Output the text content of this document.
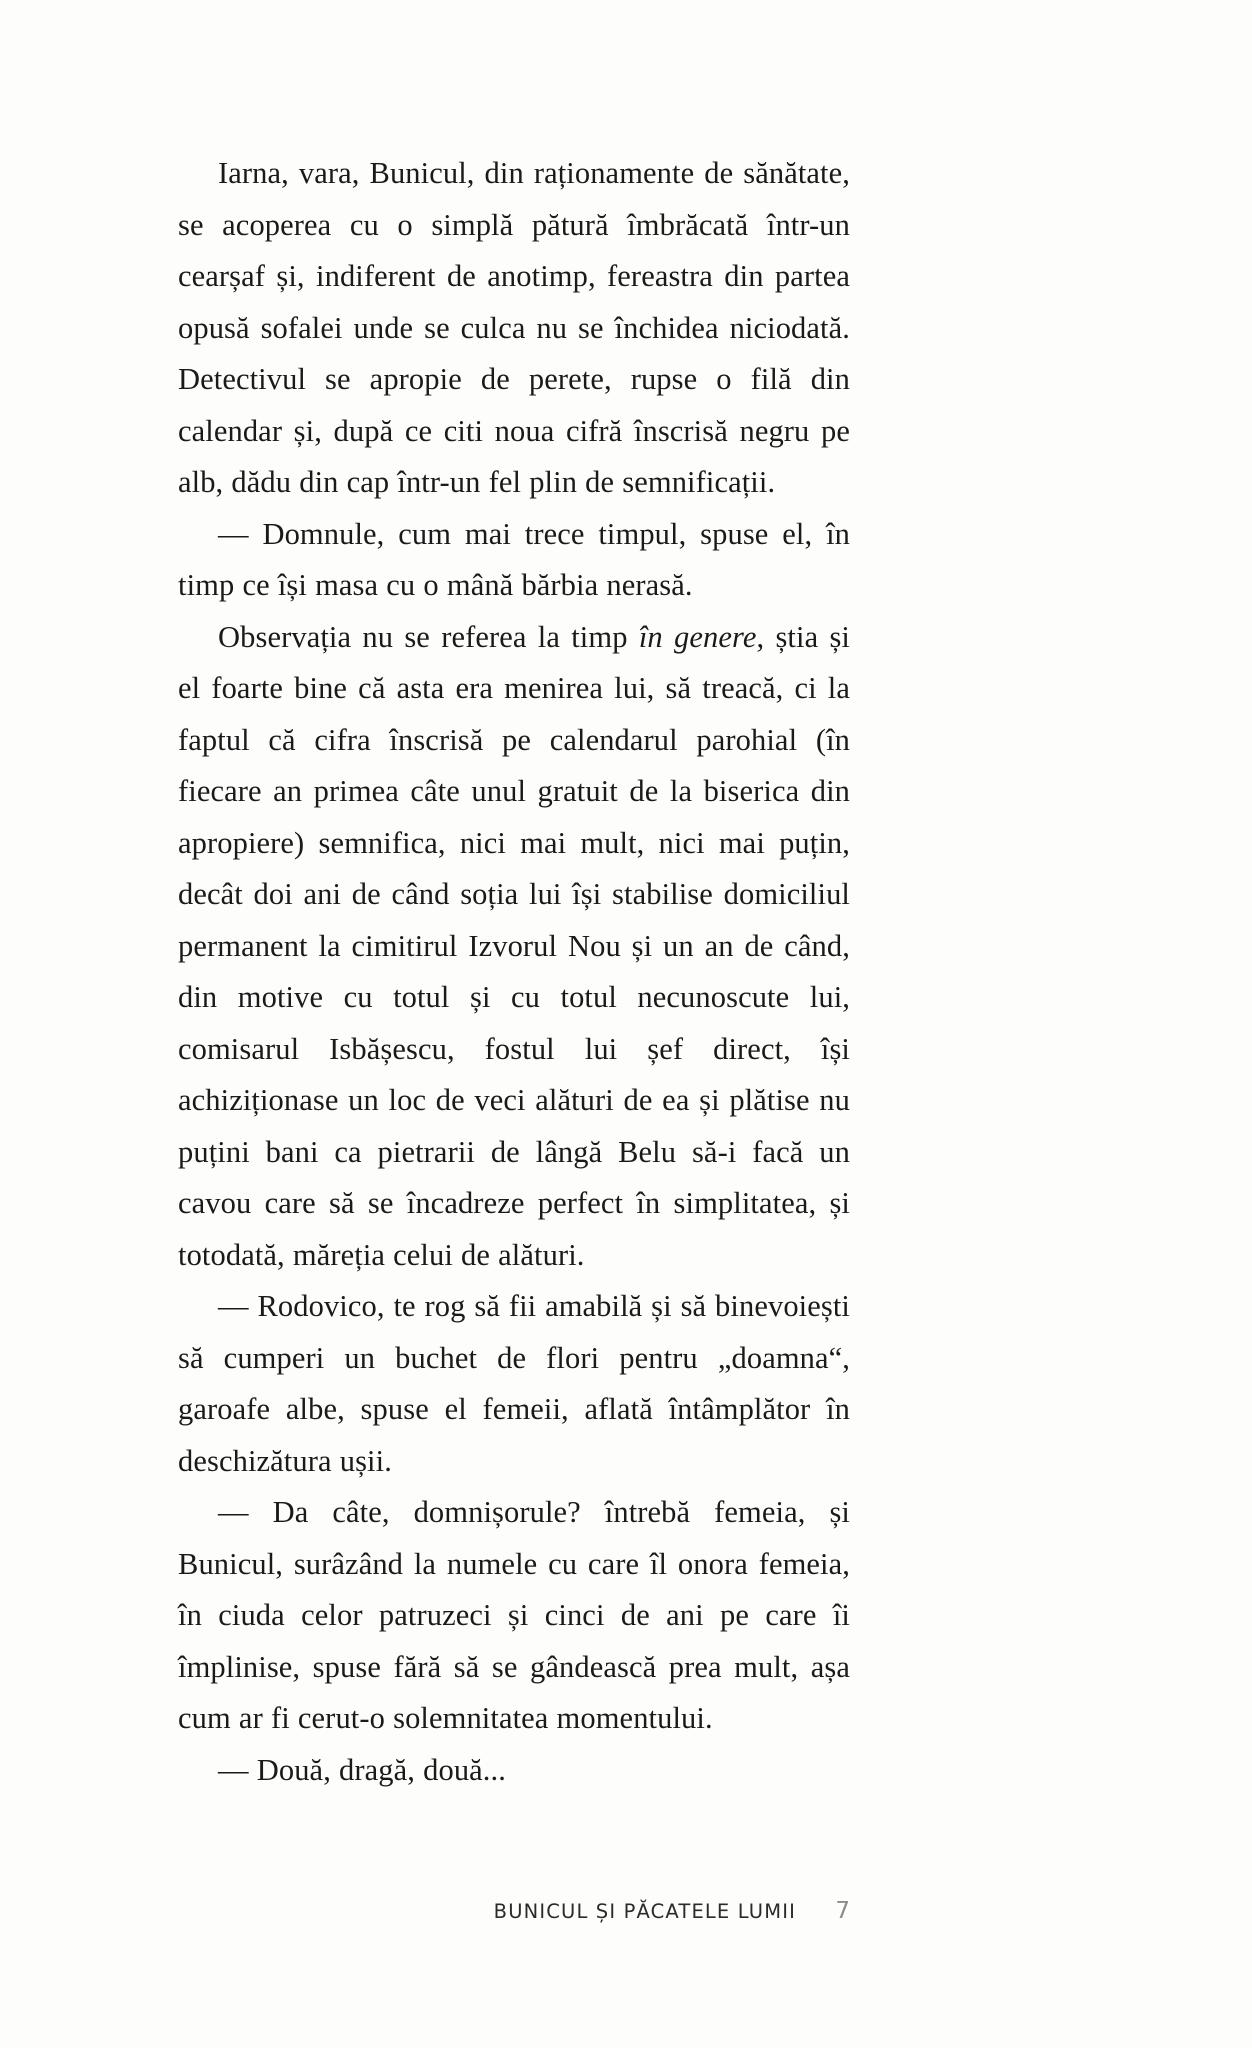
Iarna, vara, Bunicul, din raționamente de sănătate, se acoperea cu o simplă pătură îmbrăcată într-un cearșaf și, indiferent de anotimp, fereastra din partea opusă sofalei unde se culca nu se închidea niciodată. Detectivul se apropie de perete, rupse o filă din calendar și, după ce citi noua cifră înscrisă negru pe alb, dădu din cap într-un fel plin de semnificații.

— Domnule, cum mai trece timpul, spuse el, în timp ce își masa cu o mână bărbia nerasă.

Observația nu se referea la timp în genere, știa și el foarte bine că asta era menirea lui, să treacă, ci la faptul că cifra înscrisă pe calendarul parohial (în fiecare an primea câte unul gratuit de la biserica din apropiere) semnifica, nici mai mult, nici mai puțin, decât doi ani de când soția lui își stabilise domiciliul permanent la cimitirul Izvorul Nou și un an de când, din motive cu totul și cu totul necunoscute lui, comisarul Isbășescu, fostul lui șef direct, își achiziționase un loc de veci alături de ea și plătise nu puțini bani ca pietrarii de lângă Belu să-i facă un cavou care să se încadreze perfect în simplitatea, și totodată, măreția celui de alături.

— Rodovico, te rog să fii amabilă și să binevoiești să cumperi un buchet de flori pentru „doamna“, garoafe albe, spuse el femeii, aflată întâmplător în deschizătura ușii.

— Da câte, domnișorule? întrebă femeia, și Bunicul, surâzând la numele cu care îl onora femeia, în ciuda celor patruzeci și cinci de ani pe care îi împlinise, spuse fără să se gândească prea mult, așa cum ar fi cerut-o solemnitatea momentului.

— Două, dragă, două...

BUNICUL ȘI PĂCATELE LUMII 7
